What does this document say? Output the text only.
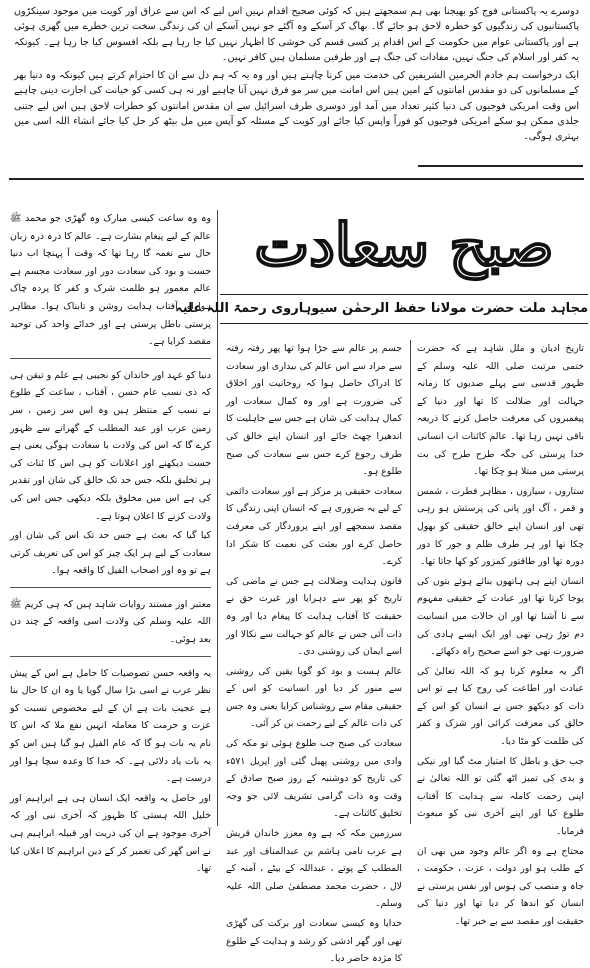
دوسرے یہ پاکستانی فوج کو بھیجنا بھی ہم سمجھتے ہیں کہ کوئی صحیح اقدام نہیں اس لیے کہ اس سے عراق اور کویت میں موجود سینکڑوں پاکستانیوں کی زندگیوں کو خطرہ لاحق ہو جائے گا۔ بھاگ کر آسکے وہ آگئے جو نہیں آسکے ان کی زندگی سخت ترین خطرے میں گھری ہوئی ہے اور پاکستانی عوام میں حکومت کے اس اقدام پر کسی قسم کی خوشی کا اظہار نہیں کیا جا رہا ہے بلکہ افسوس کیا جا رہا ہے۔ کیونکہ یہ کفر اور اسلام کی جنگ نہیں، مفادات کی جنگ ہے اور طرفین مسلمان ہیں کافر نہیں۔

ایک درخواست ہم خادم الحرمین الشریفین کی خدمت میں کرنا چاہتے ہیں اور وہ یہ کہ ہم دل سے ان کا احترام کرتے ہیں کیونکہ وہ دنیا بھر کے مسلمانوں کی دو مقدس امانتوں کے امین ہیں اس امانت میں سر مو فرق نہیں آنا چاہیے اور نہ ہی کسی کو خیانت کی اجازت دینی چاہیے اس وقت امریکی فوجیوں کی دنیا کثیر تعداد میں آمد اور دوسری طرف اسرائیل سے ان مقدس امانتوں کو خطرات لاحق ہیں اس لیے جتنی جلدی ممکن ہو سکے امریکی فوجیوں کو فوراً واپس کیا جائے اور کویت کے مسئلہ کو آپس میں مل بیٹھ کر حل کیا جائے انشاء اللہ اسی میں بہتری ہوگی۔

وہ وہ ساعت کیسی مبارک وہ گھڑی جو محمد ﷺ عالم کے لیے پیغام بشارت ہے۔ عالم کا ذرہ ذرہ زبان حال سے نغمہ گا رہا تھا کہ وقت آ پہنچا اب دنیا جست و بود کی سعادت دور اور سعادت مجسم ہے عالم معمور ہو ظلمت شرک و کفر کا پردہ چاک ہوا اور آفتاب ہدایت روشن و تابناک ہوا۔ مظاہر پرستی باطل پرستی ہے اور خدائے واحد کی توحید مقصد کرایا ہے۔

دنیا کو عہد اور خاندان کو نجیبی ہے علم و تیقن ہی کہ ذی نسب عام حسن ، آفتاب ، ساعت کے طلوع نے نسب کے منتظر ہیں وہ اس سر زمین ، سر زمین عرب اور عبد المطلب کے گھرانے سے ظہور کرے گا کہ اس کی ولادت با سعادت ہوگی یعنی ہے جست دیکھنے اور اعلانات کو ہی اس کا ئنات کی ہر تخلیق بلکہ جس حد تک خالق کی شان اور تقدیر کی ہے اس میں مخلوق بلکہ دیکھی جس اس کی ولادت کرنے کا اعلان ہوتا ہے۔

کیا گیا کہ بعث ہے جس حد تک اس کی شان اور سعادت کے لیے ہر ایک چیز کو اس کی تعریف کرتی ہے تو وہ اور اصحاب الفیل کا واقعہ ہوا۔

معتبر اور مستند روایات شاہد ہیں کہ ہی کریم ﷺ اللہ علیہ وسلم کی ولادت اسی واقعہ کے چند دن بعد ہوئی۔

یہ واقعہ حسن تصوصیات کا حامل ہے اس کے پیش نظر عرب نے اسی بڑا سال گویا یا وہ ان کا حال بنا ہے عجیب بات ہے ان کے لیے مخصوص نسبت کو عزت و حرمت کا معاملہ انہیں نفع ملا کہ اس کا نام یہ بات ہو گا کہ عام الفیل ہو گیا ہیں اس کو یہ بات یاد دلائی ہے۔ کہ خدا کا وعدہ سچا ہوا اور درست ہے۔

اور حاصل یہ واقعہ ایک انسان ہی ہے ابراہیم اور خلیل اللہ ہستی کا ظہور کہ آخری نبی اور کہ آخری موجود ہے ان کی ذریت اور قبیلہ ابراہیم ہی نے اس گھر کی تعمیر کر کے دین ابراہیم کا اعلان کیا تھا۔

صبح سعادت
مجاہد ملت حضرت مولانا حفظ الرحمٰن سیوہاروی رحمۃ اللہ علیہ

جسم پر عالم سے جڑا ہوا تھا پھر رفتہ رفتہ سے مراد سے اس عالم کی بیداری اور سعادت کا ادراک حاصل ہوا کہ روحانیت اور اخلاق کی ضرورت ہے اور وہ کمال سعادت اور کمال ہدایت کی شان ہے جس سے جاہلیت کا اندھیرا چھٹ جائے اور انسان اپنے خالق کی طرف رجوع کرے جس سے سعادت کی صبح طلوع ہو۔

سعادت حقیقی پر مرکز ہے اور سعادت دائمی کے لیے یہ ضروری ہے کہ انسان اپنی زندگی کا مقصد سمجھے اور اپنے پروردگار کی معرفت حاصل کرے اور بعثت کی نعمت کا شکر ادا کرے۔

قانون ہدایت وضلالت ہے جس نے ماضی کی تاریخ کو پھر سے دہرایا اور غیرت حق نے حقیقت کا آفتاب ہدایت کا پیغام دیا اور وہ ذات آئی جس نے عالم کو جہالت سے نکالا اور اسے ایمان کی روشنی دی۔

عالم ہست و بود کو گویا یقین کی روشنی سے منور کر دیا اور انسانیت کو اس کے حقیقی مقام سے روشناس کرایا یعنی وہ جس کی ذات عالم کے لیے رحمت بن کر آئی۔

سعادت کی صبح جب طلوع ہوئی تو مکہ کی وادی میں روشنی پھیل گئی اور اپریل ۵۷۱ء کی تاریخ کو دوشنبہ کے روز صبح صادق کے وقت وہ ذات گرامی تشریف لائی جو وجہ تخلیق کائنات ہے۔

سرزمین مکہ کہ ہے وہ معزز خاندان قریش ہے عرب نامی ہاشم بن عبدالمناف اور عبد المطلب کے پوتے ، عبداللہ کے بیٹے ، آمنہ کے لال ، حضرت محمد مصطفیٰ صلی اللہ علیہ وسلم۔

خدایا وہ کیسی سعادت اور برکت کی گھڑی تھی اور گھر ادشی کو رشد و ہدایت کے طلوع کا مژدہ حاضر دیا۔

تاریخ ادیان و ملل شاہد ہے کہ حضرت ختمی مرتبت صلی اللہ علیہ وسلم کے ظہور قدسی سے پہلے صدیوں کا زمانہ جہالت اور ضلالت کا تھا اور دنیا کے پیغمبروں کی معرفت حاصل کرنے کا ذریعہ باقی نہیں رہا تھا۔ عالم کائنات اب انسانی خدا پرستی کی جگہ طرح طرح کی بت پرستی میں مبتلا ہو چکا تھا۔

ستاروں ، سیاروں ، مظاہر فطرت ، شمس و قمر ، آگ اور پانی کی پرستش ہو رہی تھی اور انسان اپنے خالق حقیقی کو بھول چکا تھا اور ہر طرف ظلم و جور کا دور دورہ تھا اور طاقتور کمزور کو کھا جاتا تھا۔

انسان اپنے ہی ہاتھوں بنائے ہوئے بتوں کی پوجا کرتا تھا اور عبادت کے حقیقی مفہوم سے نا آشنا تھا اور ان حالات میں انسانیت دم توڑ رہی تھی اور ایک ایسے ہادی کی ضرورت تھی جو اسے صحیح راہ دکھائے۔

اگر یہ معلوم کرنا ہو کہ اللہ تعالیٰ کی عبادت اور اطاعت کی روح کیا ہے تو اس ذات کو دیکھو جس نے انسان کو اس کے خالق کی معرفت کرائی اور شرک و کفر کی ظلمت کو مٹا دیا۔

جب حق و باطل کا امتیاز مٹ گیا اور نیکی و بدی کی تمیز اٹھ گئی تو اللہ تعالیٰ نے اپنی رحمت کاملہ سے ہدایت کا آفتاب طلوع کیا اور اپنے آخری نبی کو مبعوث فرمایا۔

محتاج ہے وہ اگر عالم وجود میں بھی ان کے طلب ہو اور دولت ، عزت ، حکومت ، جاہ و منصب کی ہوس اور نفس پرستی نے انسان کو اندھا کر دیا تھا اور دنیا کی حقیقت اور مقصد سے بے خبر تھا۔
